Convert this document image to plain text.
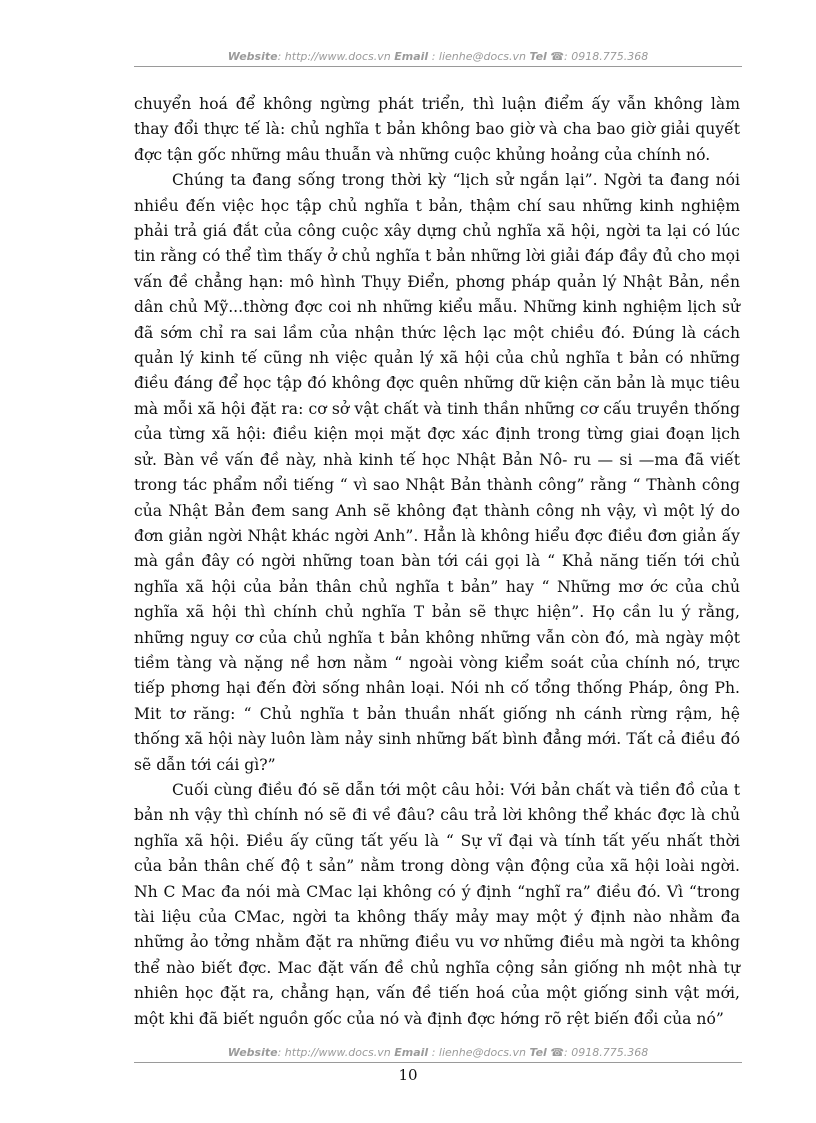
Website: http://www.docs.vn Email : lienhe@docs.vn Tel ☎: 0918.775.368

chuyển hoá để không ngừng phát triển, thì luận điểm ấy vẫn không làm thay đổi thực tế là: chủ nghĩa t bản không bao giờ và cha bao giờ giải quyết đợc tận gốc những mâu thuẫn và những cuộc khủng hoảng của chính nó.

Chúng ta đang sống trong thời kỳ “lịch sử ngắn lại”. Ngời ta đang nói nhiều đến việc học tập chủ nghĩa t bản, thậm chí sau những kinh nghiệm phải trả giá đắt của công cuộc xây dựng chủ nghĩa xã hội, ngời ta lại có lúc tin rằng có thể tìm thấy ở chủ nghĩa t bản những lời giải đáp đầy đủ cho mọi vấn đề chẳng hạn: mô hình Thụy Điển, phơng pháp quản lý Nhật Bản, nền dân chủ Mỹ...thờng đợc coi nh những kiểu mẫu. Những kinh nghiệm lịch sử đã sớm chỉ ra sai lầm của nhận thức lệch lạc một chiều đó. Đúng là cách quản lý kinh tế cũng nh việc quản lý xã hội của chủ nghĩa t bản có những điều đáng để học tập đó không đợc quên những dữ kiện căn bản là mục tiêu mà mỗi xã hội đặt ra: cơ sở vật chất và tinh thần những cơ cấu truyền thống của từng xã hội: điều kiện mọi mặt đợc xác định trong từng giai đoạn lịch sử. Bàn về vấn đề này, nhà kinh tế học Nhật Bản Nô- ru — si —ma đã viết trong tác phẩm nổi tiếng “ vì sao Nhật Bản thành công” rằng “ Thành công của Nhật Bản đem sang Anh sẽ không đạt thành công nh vậy, vì một lý do đơn giản ngời Nhật khác ngời Anh”. Hẳn là không hiểu đợc điều đơn giản ấy mà gần đây có ngời những toan bàn tới cái gọi là “ Khả năng tiến tới chủ nghĩa xã hội của bản thân chủ nghĩa t bản” hay “ Những mơ ớc của chủ nghĩa xã hội thì chính chủ nghĩa T bản sẽ thực hiện”. Họ cần lu ý rằng, những nguy cơ của chủ nghĩa t bản không những vẫn còn đó, mà ngày một tiềm tàng và nặng nề hơn nằm “ ngoài vòng kiểm soát của chính nó, trực tiếp phơng hại đến đời sống nhân loại. Nói nh cố tổng thống Pháp, ông Ph. Mit tơ răng: “ Chủ nghĩa t bản thuần nhất giống nh cánh rừng rậm, hệ thống xã hội này luôn làm nảy sinh những bất bình đẳng mới. Tất cả điều đó sẽ dẫn tới cái gì?”

Cuối cùng điều đó sẽ dẫn tới một câu hỏi: Với bản chất và tiền đồ của t bản nh vậy thì chính nó sẽ đi về đâu? câu trả lời không thể khác đợc là chủ nghĩa xã hội. Điều ấy cũng tất yếu là “ Sự vĩ đại và tính tất yếu nhất thời của bản thân chế độ t sản” nằm trong dòng vận động của xã hội loài ngời. Nh C Mac đa nói mà CMac lại không có ý định “nghĩ ra” điều đó. Vì “trong tài liệu của CMac, ngời ta không thấy mảy may một ý định nào nhằm đa những ảo tởng nhằm đặt ra những điều vu vơ những điều mà ngời ta không thể nào biết đợc. Mac đặt vấn đề chủ nghĩa cộng sản giống nh một nhà tự nhiên học đặt ra, chẳng hạn, vấn đề tiến hoá của một giống sinh vật mới, một khi đã biết nguồn gốc của nó và định đợc hớng rõ rệt biến đổi của nó”

Website: http://www.docs.vn Email : lienhe@docs.vn Tel ☎: 0918.775.368
10
